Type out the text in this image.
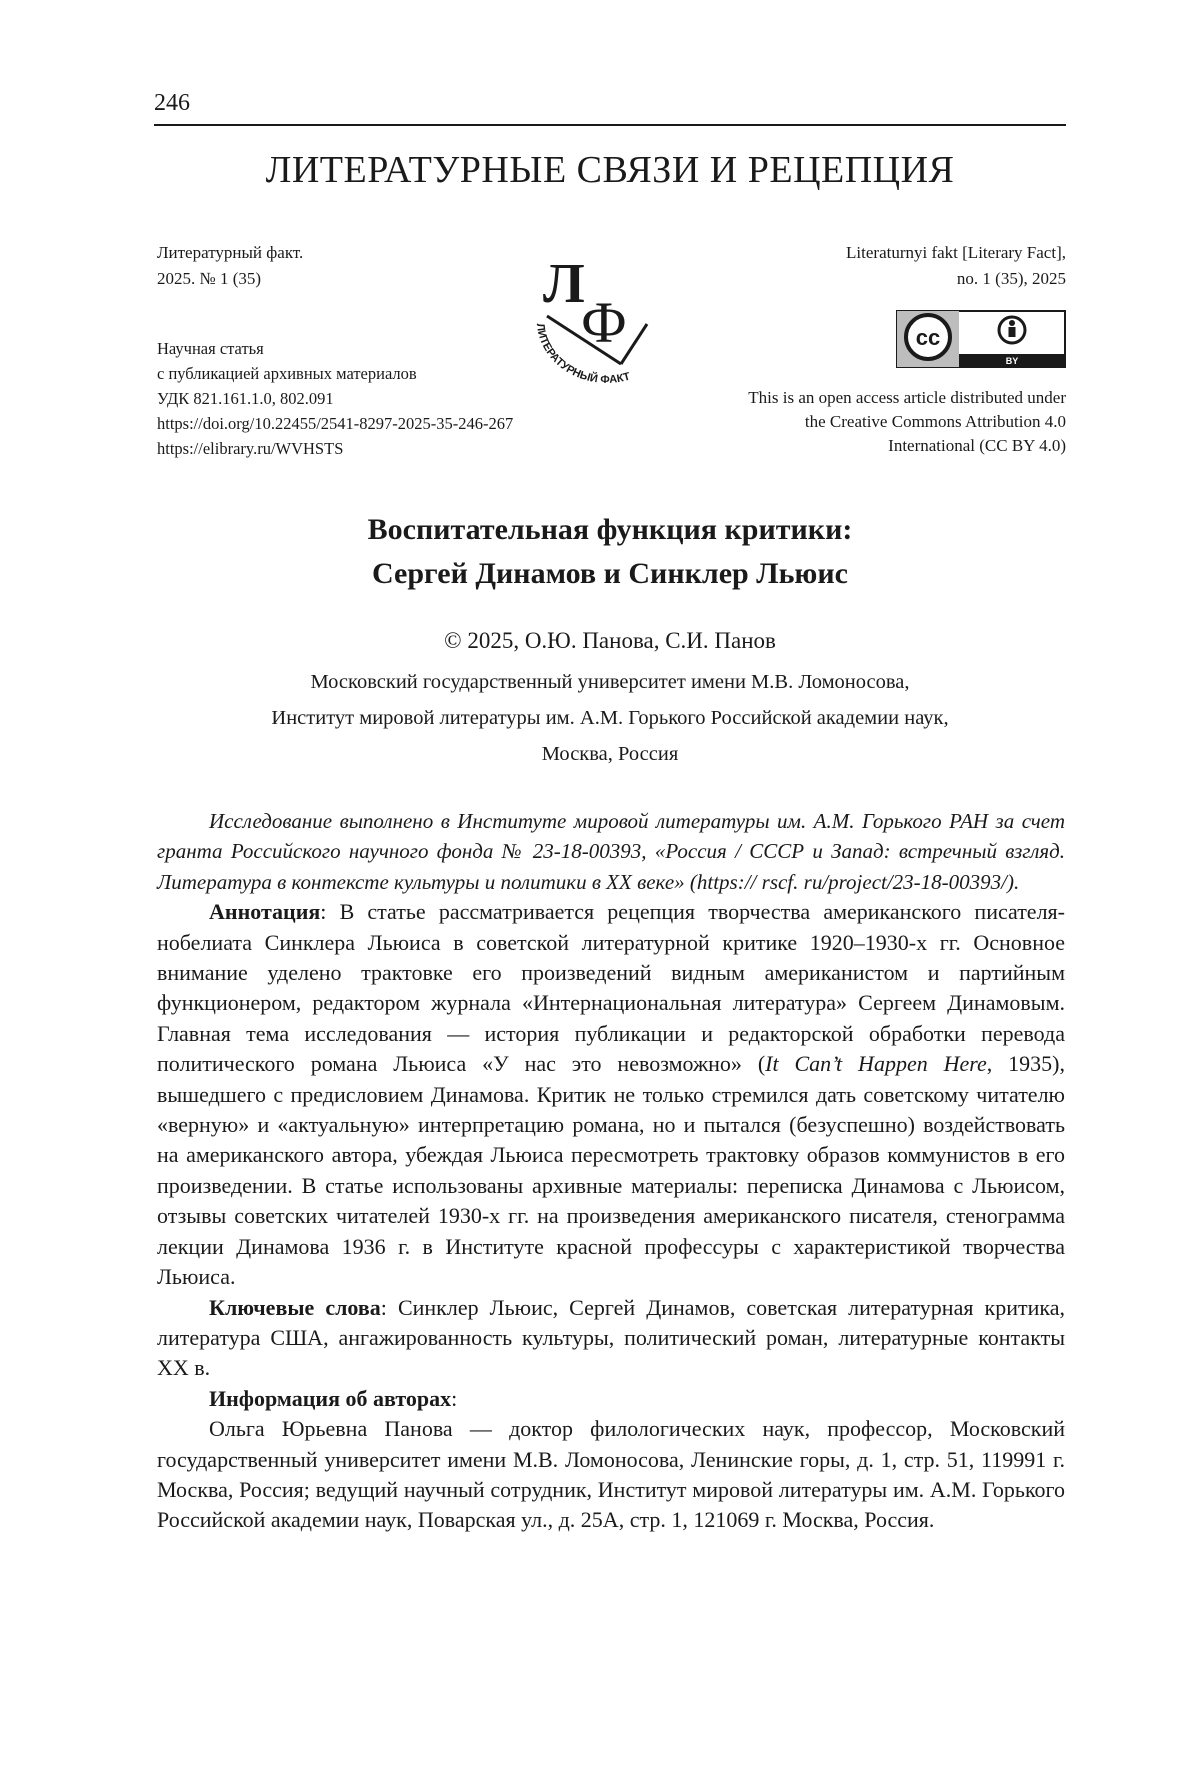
246
ЛИТЕРАТУРНЫЕ СВЯЗИ И РЕЦЕПЦИЯ
Литературный факт.
2025. № 1 (35)
Научная статья
с публикацией архивных материалов
УДК 821.161.1.0, 802.091
https://doi.org/10.22455/2541-8297-2025-35-246-267
https://elibrary.ru/WVHSTS
Л
Ф
ЛИТЕРАТУРНЫЙ ФАКТ
Literaturnyi fakt [Literary Fact],
no. 1 (35), 2025
cc
BY
This is an open access article distributed under
the Creative Commons Attribution 4.0
International (CC BY 4.0)
Воспитательная функция критики:
Сергей Динамов и Синклер Льюис
© 2025, О.Ю. Панова, С.И. Панов
Московский государственный университет имени М.В. Ломоносова,
Институт мировой литературы им. А.М. Горького Российской академии наук,
Москва, Россия

Исследование выполнено в Институте мировой литературы им. А.М. Горького РАН за счет гранта Российского научного фонда № 23-18-00393, «Россия / СССР и Запад: встречный взгляд. Литература в контексте культуры и политики в ХХ веке» (https:// rscf. ru/project/23-18-00393/).

Аннотация: В статье рассматривается рецепция творчества американского писателя-нобелиата Синклера Льюиса в советской литературной критике 1920–1930-х гг. Основное внимание уделено трактовке его произведений видным американистом и партийным функционером, редактором журнала «Интернациональная литература» Сергеем Динамовым. Главная тема исследования — история публикации и редакторской обработки перевода политического романа Льюиса «У нас это невозможно» (It Can’t Happen Here, 1935), вышедшего с предисловием Динамова. Критик не только стремился дать советскому читателю «верную» и «актуальную» интерпретацию романа, но и пытался (безуспешно) воздействовать на американского автора, убеждая Льюиса пересмотреть трактовку образов коммунистов в его произведении. В статье использованы архивные материалы: переписка Динамова с Льюисом, отзывы советских читателей 1930-х гг. на произведения американского писателя, стенограмма лекции Динамова 1936 г. в Институте красной профессуры с характеристикой творчества Льюиса.

Ключевые слова: Синклер Льюис, Сергей Динамов, советская литературная критика, литература США, ангажированность культуры, политический роман, литературные контакты ХХ в.

Информация об авторах:

Ольга Юрьевна Панова — доктор филологических наук, профессор, Московский государственный университет имени М.В. Ломоносова, Ленинские горы, д. 1, стр. 51, 119991 г. Москва, Россия; ведущий научный сотрудник, Институт мировой литературы им. А.М. Горького Российской академии наук, Поварская ул., д. 25А, стр. 1, 121069 г. Москва, Россия.
